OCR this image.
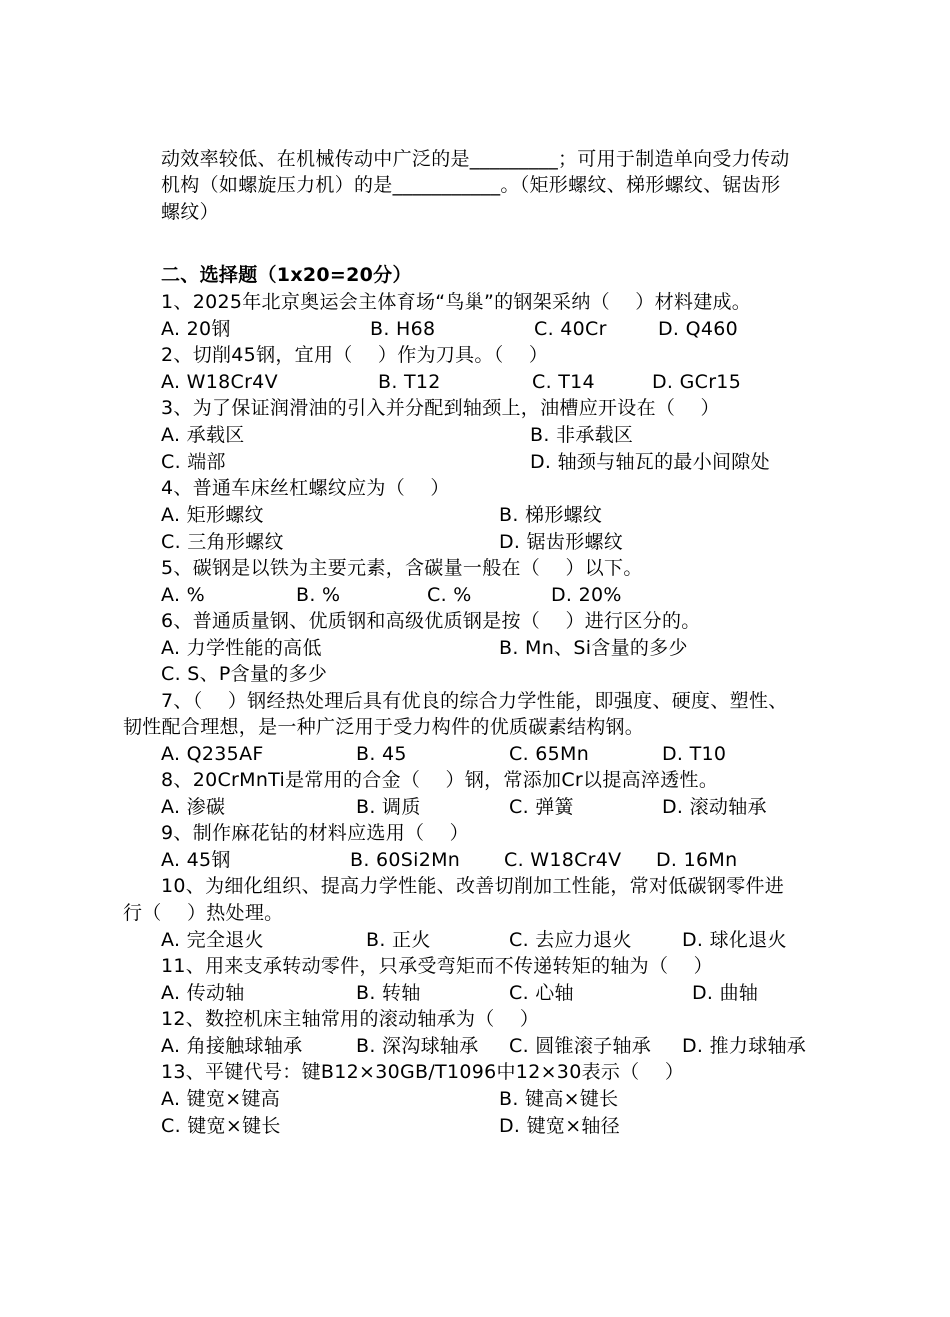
动效率较低、在机械传动中广泛的是_________；可用于制造单向受力传动
机构（如螺旋压力机）的是___________。（矩形螺纹、梯形螺纹、锯齿形
螺纹）
二、选择题（1x20=20分）
1、2025年北京奥运会主体育场“鸟巢”的钢架采纳（    ）材料建成。
A. 20钢	B. H68	C. 40Cr	D. Q460
2、切削45钢，宜用（    ）作为刀具。（    ）
A. W18Cr4V	B. T12	C. T14	D. GCr15
3、为了保证润滑油的引入并分配到轴颈上，油槽应开设在（    ）
A. 承载区	B. 非承载区
C. 端部	D. 轴颈与轴瓦的最小间隙处
4、普通车床丝杠螺纹应为（    ）
A. 矩形螺纹	B. 梯形螺纹
C. 三角形螺纹	D. 锯齿形螺纹
5、碳钢是以铁为主要元素，含碳量一般在（    ）以下。
A. %	B. %	C. %	D. 20%
6、普通质量钢、优质钢和高级优质钢是按（    ）进行区分的。
A. 力学性能的高低	B. Mn、Si含量的多少
C. S、P含量的多少
7、（    ）钢经热处理后具有优良的综合力学性能，即强度、硬度、塑性、
韧性配合理想，是一种广泛用于受力构件的优质碳素结构钢。
A. Q235AF	B. 45	C. 65Mn	D. T10
8、20CrMnTi是常用的合金（    ）钢，常添加Cr以提高淬透性。
A. 渗碳	B. 调质	C. 弹簧	D. 滚动轴承
9、制作麻花钻的材料应选用（    ）
A. 45钢	B. 60Si2Mn C. W18Cr4V D. 16Mn
10、为细化组织、提高力学性能、改善切削加工性能，常对低碳钢零件进
行（    ）热处理。
A. 完全退火	B. 正火	C. 去应力退火	D. 球化退火
11、用来支承转动零件，只承受弯矩而不传递转矩的轴为（    ）
A. 传动轴	B. 转轴	C. 心轴	D. 曲轴
12、数控机床主轴常用的滚动轴承为（    ）
A. 角接触球轴承	B. 深沟球轴承 C. 圆锥滚子轴承 D. 推力球轴承
13、平键代号：键B12×30GB/T1096中12×30表示（    ）
A. 键宽×键高	B. 键高×键长
C. 键宽×键长	D. 键宽×轴径
